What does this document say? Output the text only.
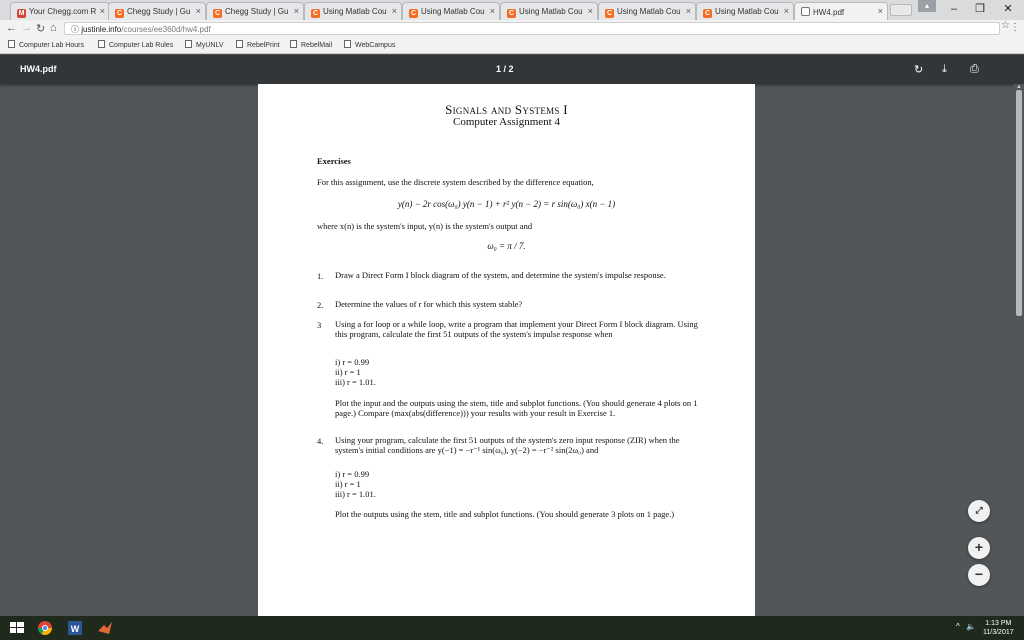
M Your Chegg.com R ×	C Chegg Study | Gu ×	C Chegg Study | Gu ×	C Using Matlab Cou ×	C Using Matlab Cou ×	C Using Matlab Cou ×	C Using Matlab Cou ×	C Using Matlab Cou ×	HW4.pdf	×
▴	–	❐	✕
← → ↻ ⌂	ⓘ justinle.info/courses/ee360d/hw4.pdf	☆ ⋮
Computer Lab Hours	Computer Lab Rules	MyUNLV	RebelPrint	RebelMail	WebCampus
HW4.pdf	1 / 2	↻ ⤓ ⎙
Signals and Systems I
Computer Assignment 4
Exercises
For this assignment, use the discrete system described by the difference equation,
y(n) − 2r cos(ω₀) y(n − 1) + r² y(n − 2) = r sin(ω₀) x(n − 1)
where x(n) is the system's input, y(n) is the system's output and
ω₀ = π / 7.
1. Draw a Direct Form I block diagram of the system, and determine the system's impulse response.
2. Determine the values of r for which this system stable?
3 Using a for loop or a while loop, write a program that implement your Direct Form I block diagram. Using this program, calculate the first 51 outputs of the system's impulse response when
i) r = 0.99
ii) r = 1
iii) r = 1.01.
Plot the input and the outputs using the stem, title and subplot functions. (You should generate 4 plots on 1 page.) Compare (max(abs(difference))) your results with your result in Exercise 1.
4. Using your program, calculate the first 51 outputs of the system's zero input response (ZIR) when the system's initial conditions are y(−1) = −r⁻¹ sin(ω₀), y(−2) = −r⁻² sin(2ω₀) and
i) r = 0.99
ii) r = 1
iii) r = 1.01.
Plot the outputs using the stem, title and subplot functions. (You should generate 3 plots on 1 page.)
▲
⤢
+
−
W	^ 🔈	1:13 PM
11/3/2017
